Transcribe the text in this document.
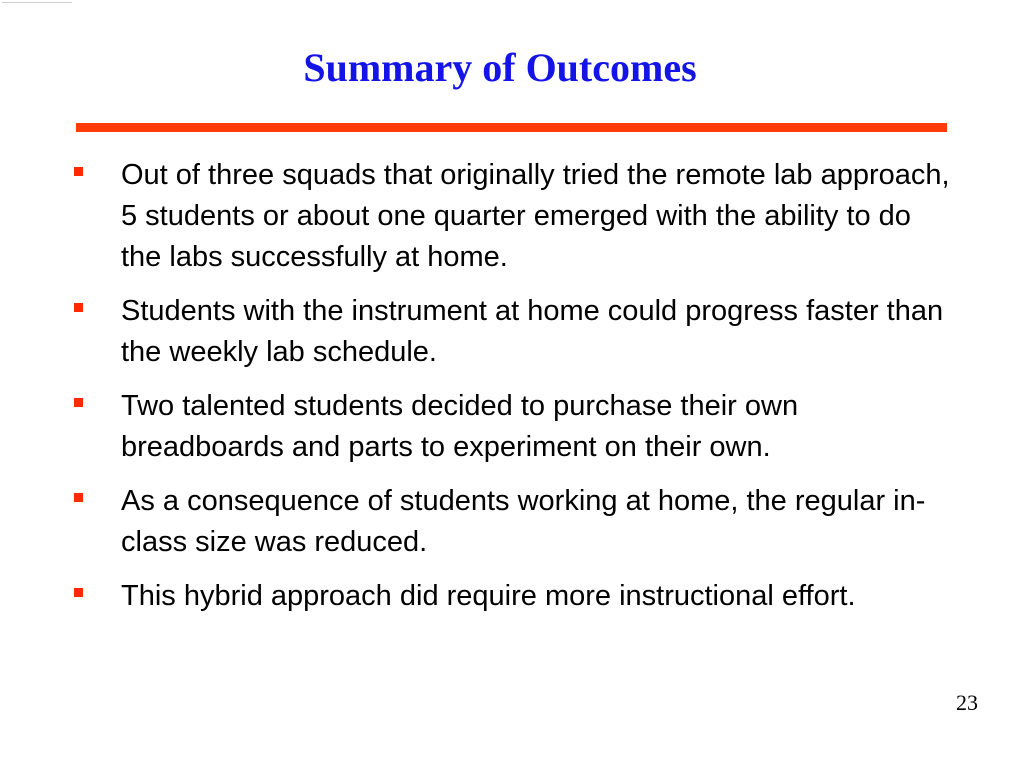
Summary of Outcomes
Out of three squads that originally tried the remote lab approach, 5 students or about one quarter emerged with the ability to do the labs successfully at home.
Students with the instrument at home could progress faster than the weekly lab schedule.
Two talented students decided to purchase their own breadboards and parts to experiment on their own.
As a consequence of students working at home, the regular in-class size was reduced.
This hybrid approach did require more instructional effort.
23
